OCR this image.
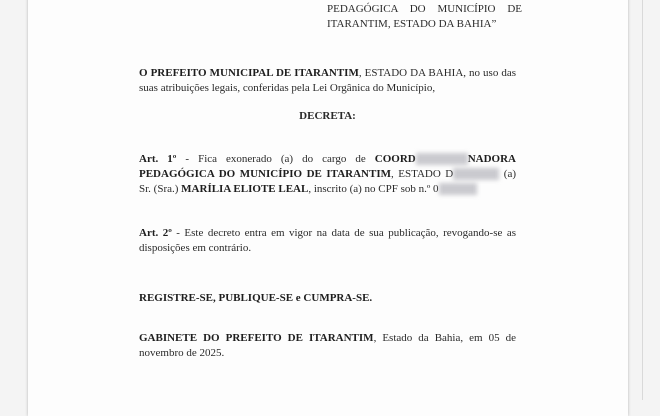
PEDAGÓGICA DO MUNICÍPIO DE ITARANTIM, ESTADO DA BAHIA”
O PREFEITO MUNICIPAL DE ITARANTIM, ESTADO DA BAHIA, no uso das suas atribuições legais, conferidas pela Lei Orgânica do Município,
DECRETA:
Art. 1º - Fica exonerado (a) do cargo de COORD	NADORA PEDAGÓGICA DO MUNICÍPIO DE ITARANTIM, ESTADO D	(a) Sr. (Sra.) MARÍLIA ELIOTE LEAL, inscrito (a) no CPF sob n.º 0
Art. 2º - Este decreto entra em vigor na data de sua publicação, revogando-se as disposições em contrário.
REGISTRE-SE, PUBLIQUE-SE e CUMPRA-SE.
GABINETE DO PREFEITO DE ITARANTIM, Estado da Bahia, em 05 de novembro de 2025.
